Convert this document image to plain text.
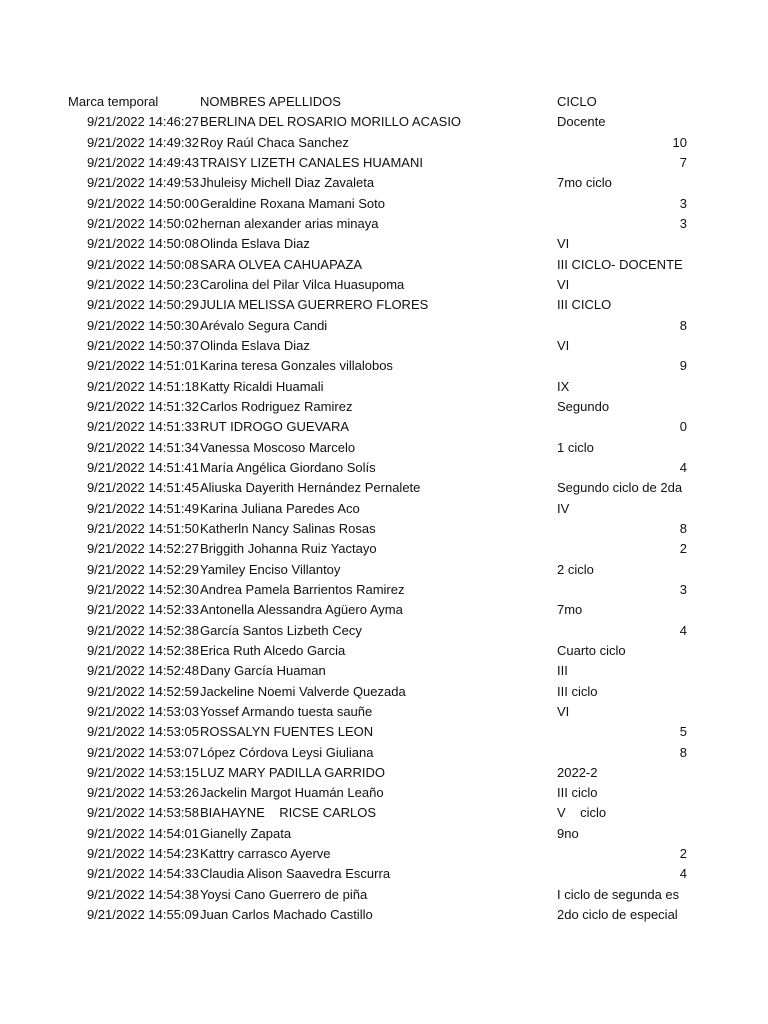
Marca temporal	NOMBRES APELLIDOS	CICLO
9/21/2022 14:46:27 BERLINA DEL ROSARIO MORILLO ACASIO	Docente
9/21/2022 14:49:32 Roy Raúl Chaca Sanchez	10
9/21/2022 14:49:43 TRAISY LIZETH CANALES HUAMANI	7
9/21/2022 14:49:53 Jhuleisy Michell Diaz Zavaleta	7mo ciclo
9/21/2022 14:50:00 Geraldine Roxana Mamani Soto	3
9/21/2022 14:50:02 hernan alexander arias minaya	3
9/21/2022 14:50:08 Olinda Eslava Diaz	VI
9/21/2022 14:50:08 SARA OLVEA CAHUAPAZA	III CICLO- DOCENTE
9/21/2022 14:50:23 Carolina del Pilar Vilca Huasupoma	VI
9/21/2022 14:50:29 JULIA MELISSA GUERRERO FLORES	III CICLO
9/21/2022 14:50:30 Arévalo Segura Candi	8
9/21/2022 14:50:37 Olinda Eslava Diaz	VI
9/21/2022 14:51:01 Karina teresa Gonzales villalobos	9
9/21/2022 14:51:18 Katty Ricaldi Huamali	IX
9/21/2022 14:51:32 Carlos Rodriguez Ramirez	Segundo
9/21/2022 14:51:33 RUT IDROGO GUEVARA	0
9/21/2022 14:51:34 Vanessa Moscoso Marcelo	1 ciclo
9/21/2022 14:51:41 María Angélica Giordano Solís	4
9/21/2022 14:51:45 Aliuska Dayerith Hernández Pernalete	Segundo ciclo de 2da
9/21/2022 14:51:49 Karina Juliana Paredes Aco	IV
9/21/2022 14:51:50 Katherln Nancy Salinas Rosas	8
9/21/2022 14:52:27 Briggith Johanna Ruiz Yactayo	2
9/21/2022 14:52:29 Yamiley Enciso Villantoy	2 ciclo
9/21/2022 14:52:30 Andrea Pamela Barrientos Ramirez	3
9/21/2022 14:52:33 Antonella Alessandra Agüero Ayma	7mo
9/21/2022 14:52:38 García Santos Lizbeth Cecy	4
9/21/2022 14:52:38 Erica Ruth Alcedo Garcia	Cuarto ciclo
9/21/2022 14:52:48 Dany García Huaman	III
9/21/2022 14:52:59 Jackeline Noemi Valverde Quezada	III ciclo
9/21/2022 14:53:03 Yossef Armando tuesta sauñe	VI
9/21/2022 14:53:05 ROSSALYN FUENTES LEON	5
9/21/2022 14:53:07 López Córdova Leysi Giuliana	8
9/21/2022 14:53:15 LUZ MARY PADILLA GARRIDO	2022-2
9/21/2022 14:53:26 Jackelin Margot Huamán Leaño	III ciclo
9/21/2022 14:53:58 BIAHAYNE    RICSE CARLOS	V    ciclo
9/21/2022 14:54:01 Gianelly Zapata	9no
9/21/2022 14:54:23 Kattry carrasco Ayerve	2
9/21/2022 14:54:33 Claudia Alison Saavedra Escurra	4
9/21/2022 14:54:38 Yoysi Cano Guerrero de piña	I ciclo de segunda es
9/21/2022 14:55:09 Juan Carlos Machado Castillo	2do ciclo de especial
